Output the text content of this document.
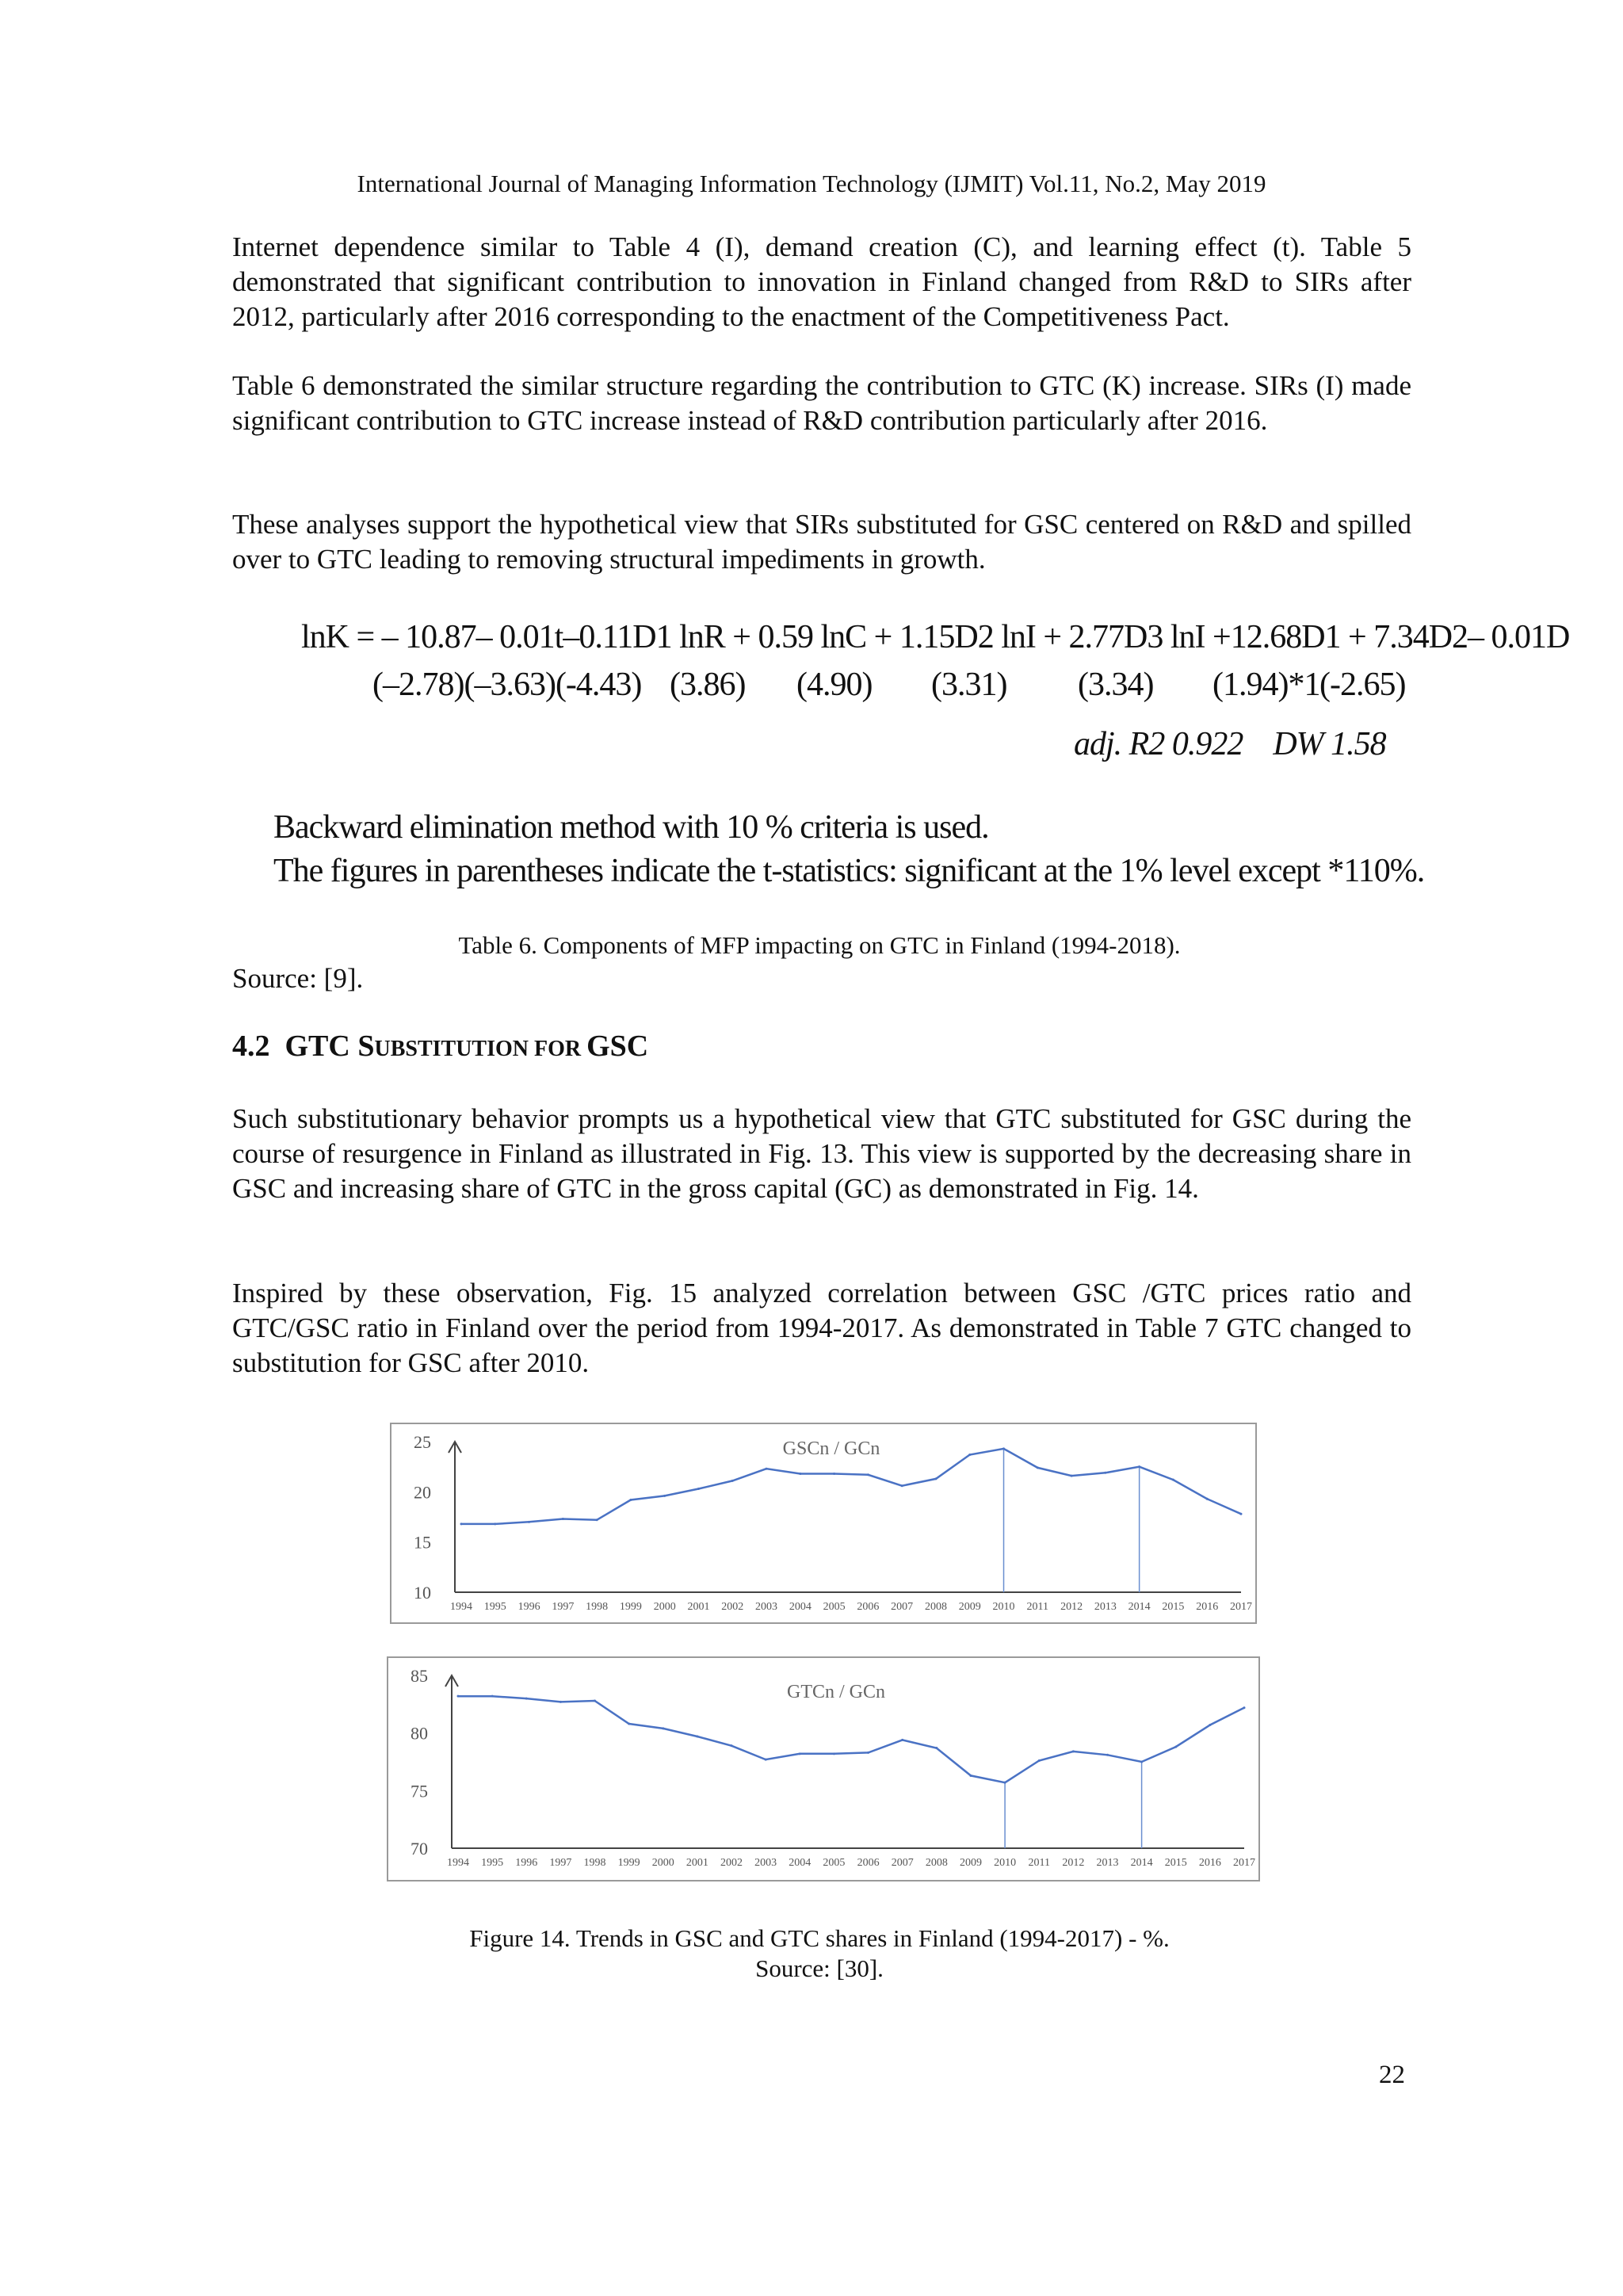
International Journal of Managing Information Technology (IJMIT) Vol.11, No.2, May 2019

Internet dependence similar to Table 4 (I), demand creation (C), and learning effect (t). Table 5 demonstrated that significant contribution to innovation in Finland changed from R&D to SIRs after 2012, particularly after 2016 corresponding to the enactment of the Competitiveness Pact.

Table 6 demonstrated the similar structure regarding the contribution to GTC (K) increase. SIRs (I) made significant contribution to GTC increase instead of R&D contribution particularly after 2016.

These analyses support the hypothetical view that SIRs substituted for GSC centered on R&D and spilled over to GTC leading to removing structural impediments in growth.

lnK = – 10.87– 0.01t–0.11D1 lnR + 0.59 lnC + 1.15D2 lnI + 2.77D3 lnI +12.68D1 + 7.34D2– 0.01D
(–2.78)(–3.63)(-4.43) (3.86) (4.90) (3.31) (3.34) (1.94)*1 (-2.65)
adj. R2 0.922    DW 1.58
Backward elimination method with 10 % criteria is used.
The figures in parentheses indicate the t-statistics: significant at the 1% level except *110%.
Table 6. Components of MFP impacting on GTC in Finland (1994-2018).
Source: [9].
4.2 GTC SUBSTITUTION FOR GSC

Such substitutionary behavior prompts us a hypothetical view that GTC substituted for GSC during the course of resurgence in Finland as illustrated in Fig. 13. This view is supported by the decreasing share in GSC and increasing share of GTC in the gross capital (GC) as demonstrated in Fig. 14.

Inspired by these observation, Fig. 15 analyzed correlation between GSC /GTC prices ratio and GTC/GSC ratio in Finland over the period from 1994-2017. As demonstrated in Table 7 GTC changed to substitution for GSC after 2010.

10
15
20
25
1994 1995 1996 1997 1998 1999 2000 2001 2002 2003 2004 2005 2006 2007 2008 2009 2010 2011 2012 2013 2014 2015 2016 2017
GSCn / GCn
70
75
80
85
1994 1995 1996 1997 1998 1999 2000 2001 2002 2003 2004 2005 2006 2007 2008 2009 2010 2011 2012 2013 2014 2015 2016 2017
GTCn / GCn
Figure 14. Trends in GSC and GTC shares in Finland (1994-2017) - %.
Source: [30].
22
